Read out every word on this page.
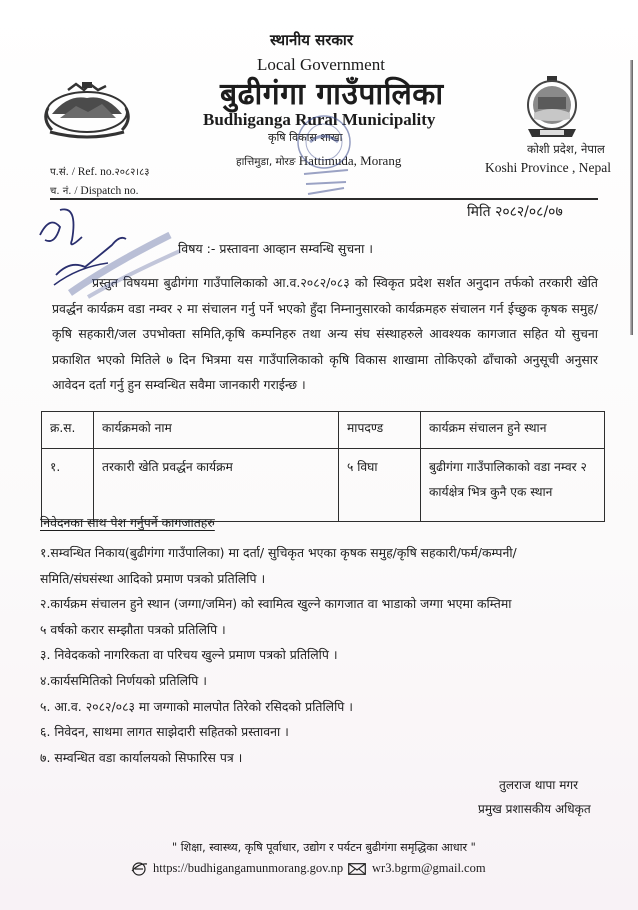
स्थानीय सरकार
Local Government
बुढीगंगा गाउँपालिका
Budhiganga Rural Municipality
कृषि विकास शाखा
हात्तिमुडा, मोरङ Hattimuda, Morang
कोशी प्रदेश, नेपाल
Koshi Province , Nepal
प.सं. / Ref. no.२०८२।८३
च. नं. / Dispatch no.
मिति २०८२/०८/०७
विषय :- प्रस्तावना आव्हान सम्वन्धि सुचना ।
प्रस्तुत विषयमा बुढीगंगा गाउँपालिकाको आ.व.२०८२/०८३ को स्विकृत प्रदेश सर्शत अनुदान तर्फको तरकारी खेति प्रवर्द्धन कार्यक्रम वडा नम्वर २ मा संचालन गर्नु पर्ने भएको हुँदा निम्नानुसारको कार्यक्रमहरु संचालन गर्न ईच्छुक कृषक समुह/कृषि सहकारी/जल उपभोक्ता समिति,कृषि कम्पनिहरु तथा अन्य संघ संस्थाहरुले आवश्यक कागजात सहित यो सुचना प्रकाशित भएको मितिले ७ दिन भित्रमा यस गाउँपालिकाको कृषि विकास शाखामा तोकिएको ढाँचाको अनुसूची अनुसार आवेदन दर्ता गर्नु हुन सम्वन्धित सवैमा जानकारी गराईन्छ ।
क्र.स.	कार्यक्रमको नाम	मापदण्ड	कार्यक्रम संचालन हुने स्थान
१.	तरकारी खेति प्रवर्द्धन कार्यक्रम	५ विघा	बुढीगंगा गाउँपालिकाको वडा नम्वर २ कार्यक्षेत्र भित्र कुनै एक स्थान
निवेदनका साथ पेश गर्नुपर्ने कागजातहरु
१.सम्वन्धित निकाय(बुढीगंगा गाउँपालिका) मा दर्ता/ सुचिकृत भएका कृषक समुह/कृषि सहकारी/फर्म/कम्पनी/
समिति/संघसंस्था आदिको प्रमाण पत्रको प्रतिलिपि ।
२.कार्यक्रम संचालन हुने स्थान (जग्गा/जमिन) को स्वामित्व खुल्ने कागजात वा भाडाको जग्गा भएमा कम्तिमा
५ वर्षको करार सम्झौता पत्रको प्रतिलिपि ।
३. निवेदकको नागरिकता वा परिचय खुल्ने प्रमाण पत्रको प्रतिलिपि ।
४.कार्यसमितिको निर्णयको प्रतिलिपि ।
५. आ.व. २०८२/०८३ मा जग्गाको मालपोत तिरेको रसिदको प्रतिलिपि ।
६. निवेदन, साथमा लागत साझेदारी सहितको प्रस्तावना ।
७. सम्वन्धित वडा कार्यालयको सिफारिस पत्र ।
तुलराज थापा मगर
प्रमुख प्रशासकीय अधिकृत
" शिक्षा, स्वास्थ्य, कृषि पूर्वाधार, उद्योग र पर्यटन बुढीगंगा समृद्धिका आधार "
https://budhigangamunmorang.gov.np wr3.bgrm@gmail.com
